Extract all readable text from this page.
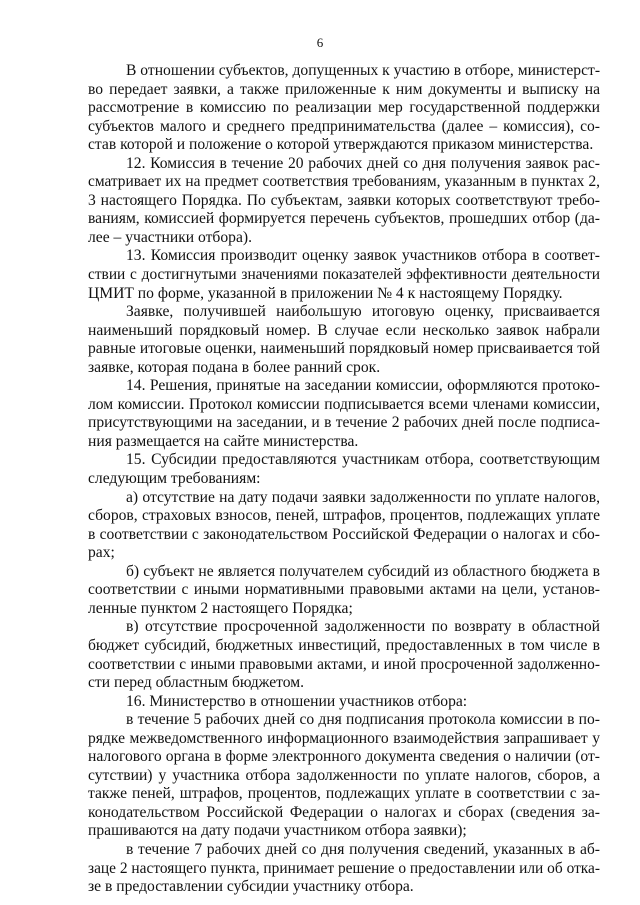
6
В отношении субъектов, допущенных к участию в отборе, министерст-
во передает заявки, а также приложенные к ним документы и выписку на
рассмотрение в комиссию по реализации мер государственной поддержки
субъектов малого и среднего предпринимательства (далее – комиссия), со-
став которой и положение о которой утверждаются приказом министерства.
12. Комиссия в течение 20 рабочих дней со дня получения заявок рас-
сматривает их на предмет соответствия требованиям, указанным в пунктах 2,
3 настоящего Порядка. По субъектам, заявки которых соответствуют требо-
ваниям, комиссией формируется перечень субъектов, прошедших отбор (да-
лее – участники отбора).
13. Комиссия производит оценку заявок участников отбора в соответ-
ствии с достигнутыми значениями показателей эффективности деятельности
ЦМИТ по форме, указанной в приложении № 4 к настоящему Порядку.
Заявке, получившей наибольшую итоговую оценку, присваивается
наименьший порядковый номер. В случае если несколько заявок набрали
равные итоговые оценки, наименьший порядковый номер присваивается той
заявке, которая подана в более ранний срок.
14. Решения, принятые на заседании комиссии, оформляются протоко-
лом комиссии. Протокол комиссии подписывается всеми членами комиссии,
присутствующими на заседании, и в течение 2 рабочих дней после подписа-
ния размещается на сайте министерства.
15. Субсидии предоставляются участникам отбора, соответствующим
следующим требованиям:
а) отсутствие на дату подачи заявки задолженности по уплате налогов,
сборов, страховых взносов, пеней, штрафов, процентов, подлежащих уплате
в соответствии с законодательством Российской Федерации о налогах и сбо-
рах;
б) субъект не является получателем субсидий из областного бюджета в
соответствии с иными нормативными правовыми актами на цели, установ-
ленные пунктом 2 настоящего Порядка;
в) отсутствие просроченной задолженности по возврату в областной
бюджет субсидий, бюджетных инвестиций, предоставленных в том числе в
соответствии с иными правовыми актами, и иной просроченной задолженно-
сти перед областным бюджетом.
16. Министерство в отношении участников отбора:
в течение 5 рабочих дней со дня подписания протокола комиссии в по-
рядке межведомственного информационного взаимодействия запрашивает у
налогового органа в форме электронного документа сведения о наличии (от-
сутствии) у участника отбора задолженности по уплате налогов, сборов, а
также пеней, штрафов, процентов, подлежащих уплате в соответствии с за-
конодательством Российской Федерации о налогах и сборах (сведения за-
прашиваются на дату подачи участником отбора заявки);
в течение 7 рабочих дней со дня получения сведений, указанных в аб-
заце 2 настоящего пункта, принимает решение о предоставлении или об отка-
зе в предоставлении субсидии участнику отбора.
